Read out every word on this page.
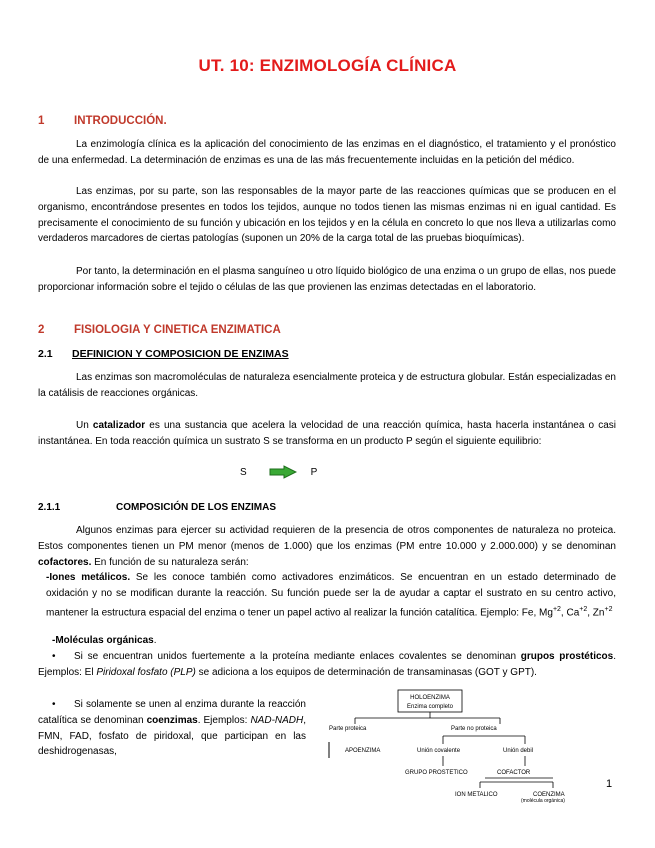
UT. 10: ENZIMOLOGÍA CLÍNICA
1	INTRODUCCIÓN.
La enzimología clínica es la aplicación del conocimiento de las enzimas en el diagnóstico, el tratamiento y el pronóstico de una enfermedad. La determinación de enzimas es una de las más frecuentemente incluidas en la petición del médico.
Las enzimas, por su parte, son las responsables de la mayor parte de las reacciones químicas que se producen en el organismo, encontrándose presentes en todos los tejidos, aunque no todos tienen las mismas enzimas ni en igual cantidad. Es precisamente el conocimiento de su función y ubicación en los tejidos y en la célula en concreto lo que nos lleva a utilizarlas como verdaderos marcadores de ciertas patologías (suponen un 20% de la carga total de las pruebas bioquímicas).
Por tanto, la determinación en el plasma sanguíneo u otro líquido biológico de una enzima o un grupo de ellas, nos puede proporcionar información sobre el tejido o células de las que provienen las enzimas detectadas en el laboratorio.
2	FISIOLOGIA Y CINETICA ENZIMATICA
2.1 DEFINICION Y COMPOSICION DE ENZIMAS
Las enzimas son macromoléculas de naturaleza esencialmente proteica y de estructura globular. Están especializadas en la catálisis de reacciones orgánicas.
Un catalizador es una sustancia que acelera la velocidad de una reacción química, hasta hacerla instantánea o casi instantánea. En toda reacción química un sustrato S se transforma en un producto P según el siguiente equilibrio:
S	P
2.1.1	COMPOSICIÓN DE LOS ENZIMAS
Algunos enzimas para ejercer su actividad requieren de la presencia de otros componentes de naturaleza no proteica. Estos componentes tienen un PM menor (menos de 1.000) que los enzimas (PM entre 10.000 y 2.000.000) y se denominan cofactores. En función de su naturaleza serán:
-Iones metálicos. Se les conoce también como activadores enzimáticos. Se encuentran en un estado determinado de oxidación y no se modifican durante la reacción. Su función puede ser la de ayudar a captar el sustrato en su centro activo, mantener la estructura espacial del enzima o tener un papel activo al realizar la función catalítica. Ejemplo: Fe, $Mg^{+2}$, $Ca^{+2}$, $Zn^{+2}$
-Moléculas orgánicas.
•	Si se encuentran unidos fuertemente a la proteína mediante enlaces covalentes se denominan grupos prostéticos. Ejemplos: El Piridoxal fosfato (PLP) se adiciona a los equipos de determinación de transaminasas (GOT y GPT).
•	Si solamente se unen al enzima durante la reacción catalítica se denominan coenzimas. Ejemplos: NAD-NADH, FMN, FAD, fosfato de piridoxal, que participan en las deshidrogenasas,
HOLOENZIMA
Enzima completo
Parte proteica	Parte no proteica
APOENZIMA	Unión covalente	Unión debil
GRUPO PROSTETICO	COFACTOR
ION METALICO	COENZIMA
(molécula orgánica)
1
